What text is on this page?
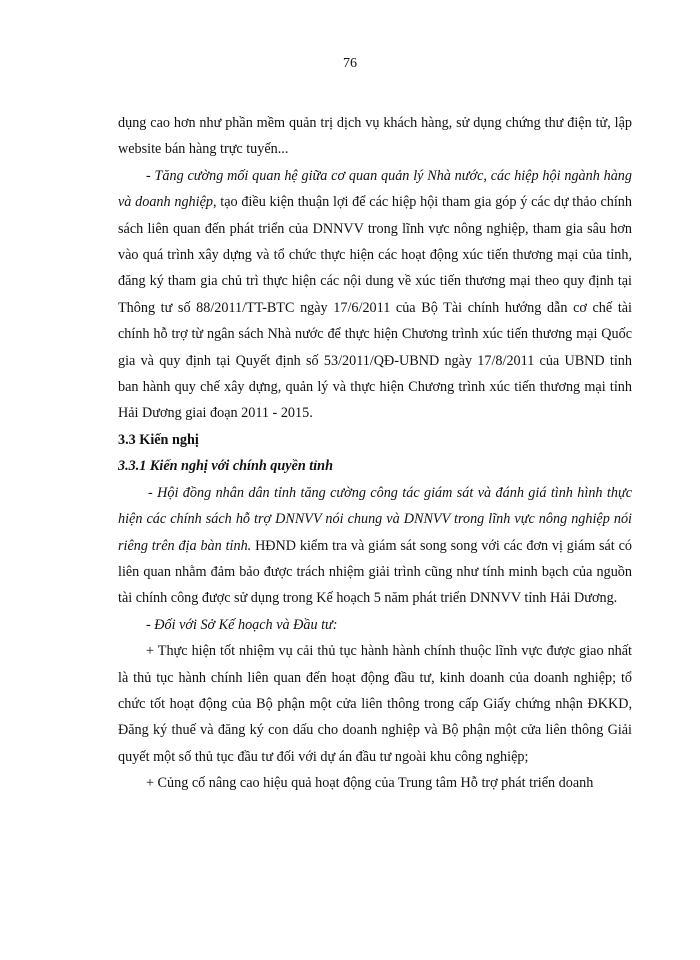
76

dụng cao hơn như phần mềm quản trị dịch vụ khách hàng, sử dụng chứng thư điện tử, lập website bán hàng trực tuyến...

- Tăng cường mối quan hệ giữa cơ quan quản lý Nhà nước, các hiệp hội ngành hàng và doanh nghiệp, tạo điều kiện thuận lợi để các hiệp hội tham gia góp ý các dự thảo chính sách liên quan đến phát triển của DNNVV trong lĩnh vực nông nghiệp, tham gia sâu hơn vào quá trình xây dựng và tổ chức thực hiện các hoạt động xúc tiến thương mại của tỉnh, đăng ký tham gia chủ trì thực hiện các nội dung về xúc tiến thương mại theo quy định tại Thông tư số 88/2011/TT-BTC ngày 17/6/2011 của Bộ Tài chính hướng dẫn cơ chế tài chính hỗ trợ từ ngân sách Nhà nước để thực hiện Chương trình xúc tiến thương mại Quốc gia và quy định tại Quyết định số 53/2011/QĐ-UBND ngày 17/8/2011 của UBND tỉnh ban hành quy chế xây dựng, quản lý và thực hiện Chương trình xúc tiến thương mại tỉnh Hải Dương giai đoạn 2011 - 2015.

3.3 Kiến nghị

3.3.1 Kiến nghị với chính quyền tỉnh

- Hội đồng nhân dân tỉnh tăng cường công tác giám sát và đánh giá tình hình thực hiện các chính sách hỗ trợ DNNVV nói chung và DNNVV trong lĩnh vực nông nghiệp nói riêng trên địa bàn tỉnh. HĐND kiểm tra và giám sát song song với các đơn vị giám sát có liên quan nhằm đảm bảo được trách nhiệm giải trình cũng như tính minh bạch của nguồn tài chính công được sử dụng trong Kế hoạch 5 năm phát triển DNNVV tỉnh Hải Dương.

- Đối với Sở Kế hoạch và Đầu tư:

+ Thực hiện tốt nhiệm vụ cải thủ tục hành hành chính thuộc lĩnh vực được giao nhất là thủ tục hành chính liên quan đến hoạt động đầu tư, kinh doanh của doanh nghiệp; tổ chức tốt hoạt động của Bộ phận một cửa liên thông trong cấp Giấy chứng nhận ĐKKD, Đăng ký thuế và đăng ký con dấu cho doanh nghiệp và Bộ phận một cửa liên thông Giải quyết một số thủ tục đầu tư đối với dự án đầu tư ngoài khu công nghiệp;

+ Củng cố nâng cao hiệu quả hoạt động của Trung tâm Hỗ trợ phát triển doanh
